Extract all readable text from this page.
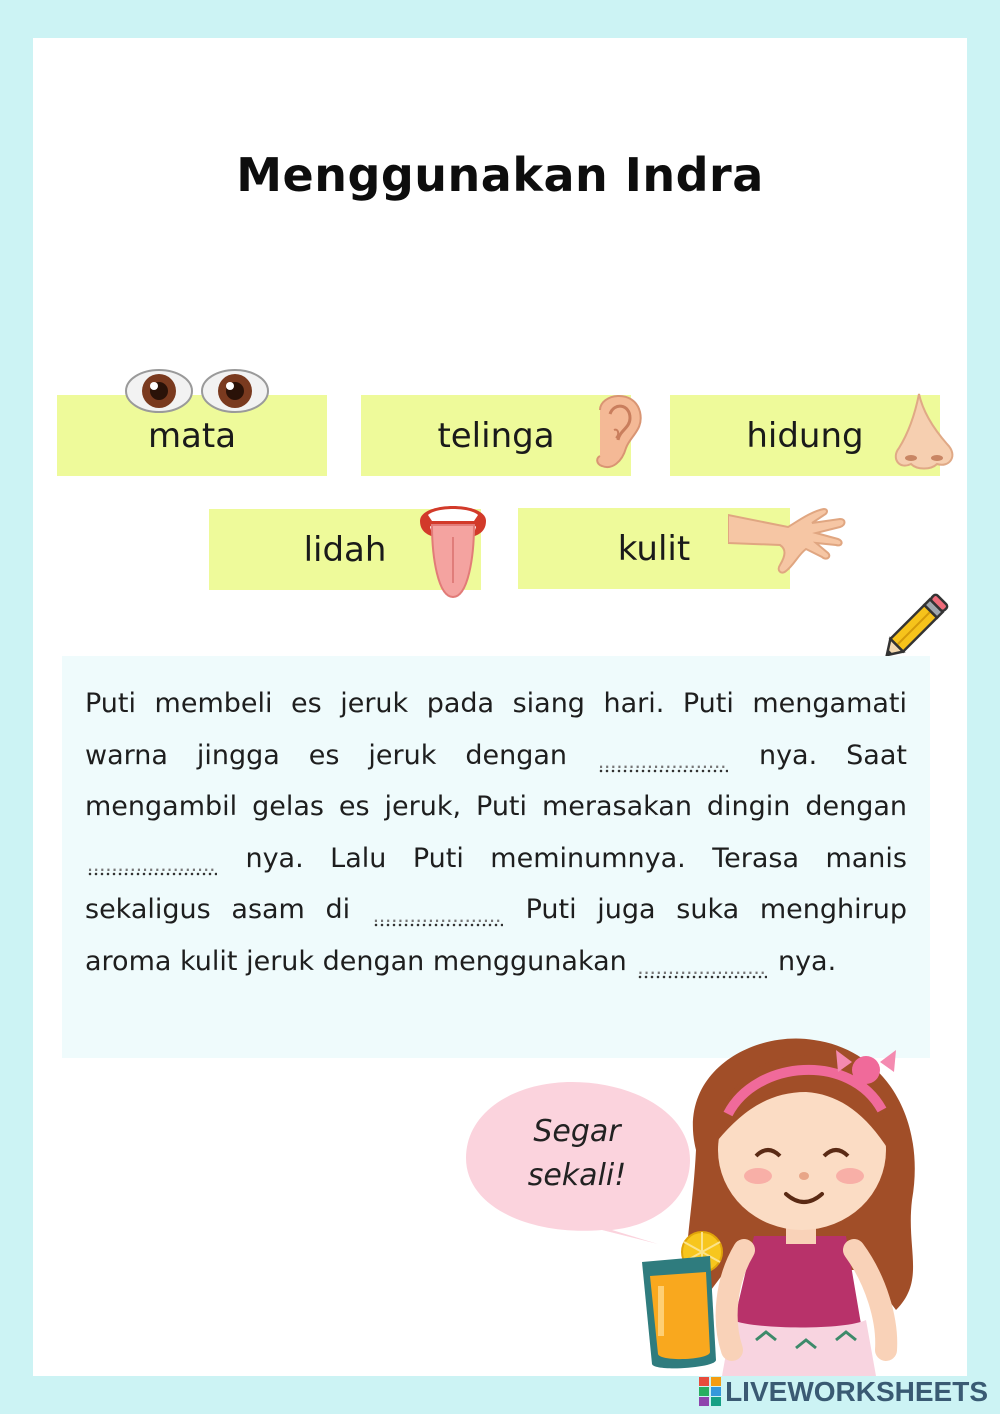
Menggunakan Indra
mata	telinga	hidung
lidah	kulit

Puti membeli es jeruk pada siang hari. Puti mengamati warna jingga es jeruk dengan .....................	nya. Saat mengambil gelas es jeruk, Puti merasakan dingin dengan ..................... nya. Lalu Puti meminumnya. Terasa manis sekaligus asam di .....................	Puti juga suka menghirup aroma kulit jeruk dengan menggunakan .....................	nya.

Segar
sekali!
LIVEWORKSHEETS
